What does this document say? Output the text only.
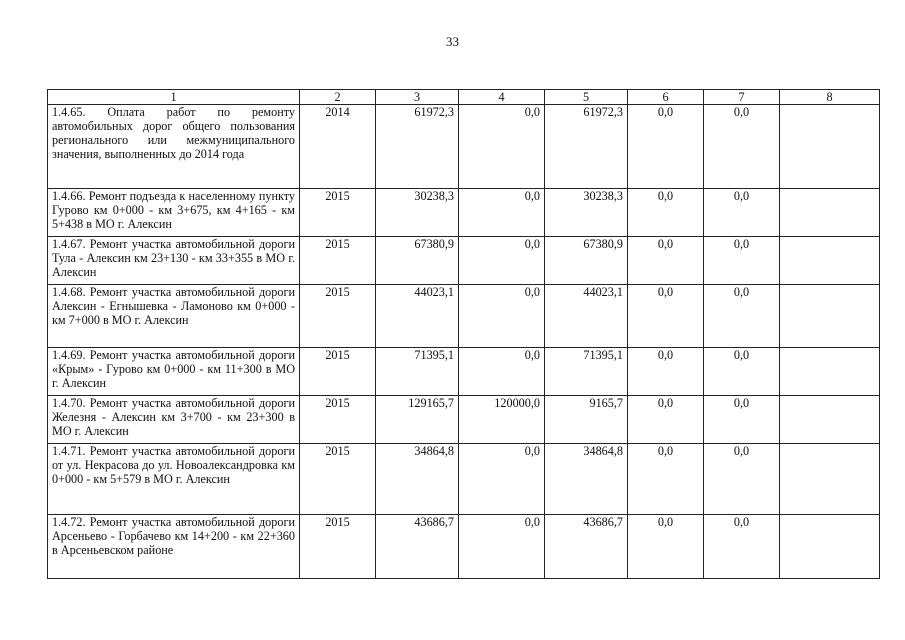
33
1	2	3	4	5	6	7	8
1.4.65. Оплата работ по ремонту автомобильных дорог общего пользования регионального или межмуниципального значения, выполненных до 2014 года	2014	61972,3	0,0	61972,3	0,0	0,0	
1.4.66. Ремонт подъезда к населенному пункту Гурово км 0+000 - км 3+675, км 4+165 - км 5+438 в МО г. Алексин	2015	30238,3	0,0	30238,3	0,0	0,0	
1.4.67. Ремонт участка автомобильной дороги Тула - Алексин км 23+130 - км 33+355 в МО г. Алексин	2015	67380,9	0,0	67380,9	0,0	0,0	
1.4.68. Ремонт участка автомобильной дороги Алексин - Егнышевка - Ламоново км 0+000 - км 7+000 в МО г. Алексин	2015	44023,1	0,0	44023,1	0,0	0,0	
1.4.69. Ремонт участка автомобильной дороги «Крым» - Гурово км 0+000 - км 11+300 в МО г. Алексин	2015	71395,1	0,0	71395,1	0,0	0,0	
1.4.70. Ремонт участка автомобильной дороги Железня - Алексин км 3+700 - км 23+300 в МО г. Алексин	2015	129165,7	120000,0	9165,7	0,0	0,0	
1.4.71. Ремонт участка автомобильной дороги от ул. Некрасова до ул. Новоалександровка км 0+000 - км 5+579 в МО г. Алексин	2015	34864,8	0,0	34864,8	0,0	0,0	
1.4.72. Ремонт участка автомобильной дороги Арсеньево - Горбачево км 14+200 - км 22+360 в Арсеньевском районе	2015	43686,7	0,0	43686,7	0,0	0,0	
